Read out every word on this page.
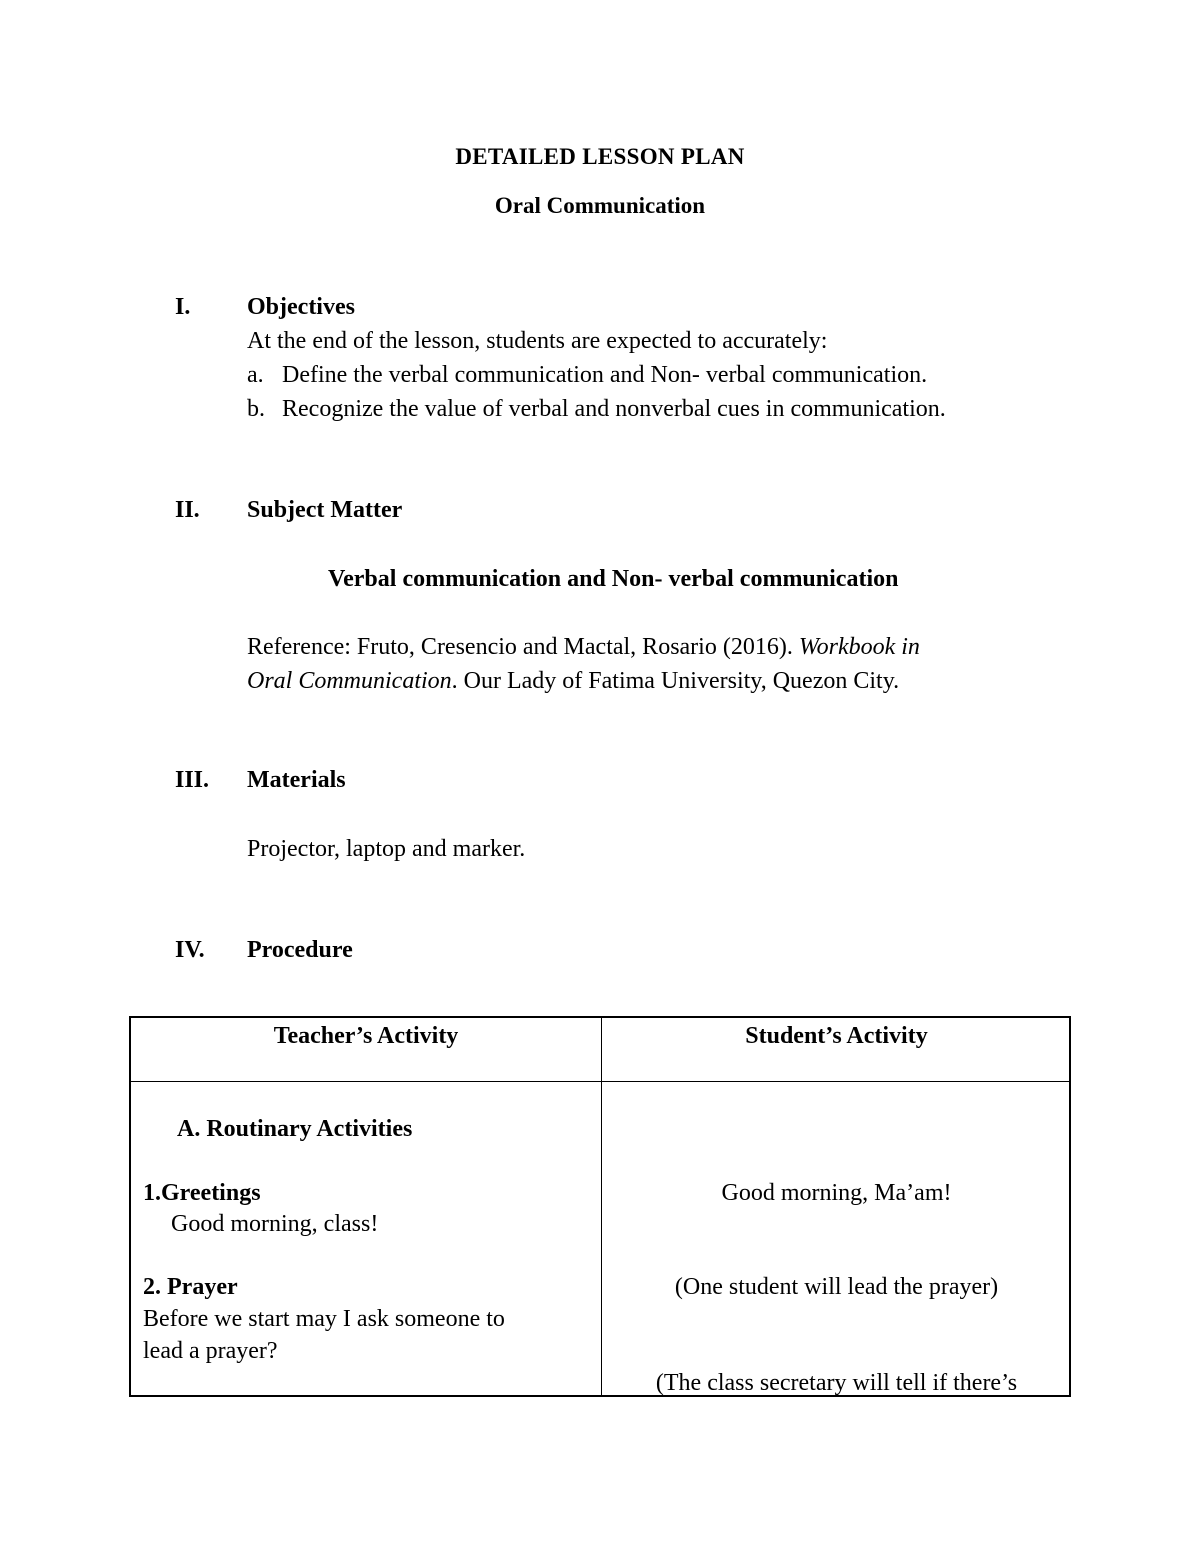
DETAILED LESSON PLAN
Oral Communication
I. Objectives
At the end of the lesson, students are expected to accurately:
a. Define the verbal communication and Non- verbal communication.
b. Recognize the value of verbal and nonverbal cues in communication.
II. Subject Matter
Verbal communication and Non- verbal communication
Reference: Fruto, Cresencio and Mactal, Rosario (2016). Workbook in
Oral Communication. Our Lady of Fatima University, Quezon City.
III. Materials
Projector, laptop and marker.
IV. Procedure
Teacher’s Activity	Student’s Activity
A. Routinary Activities
1.Greetings
Good morning, class!
Good morning, Ma’am!
2. Prayer
Before we start may I ask someone to
lead a prayer?
(One student will lead the prayer)
(The class secretary will tell if there’s
